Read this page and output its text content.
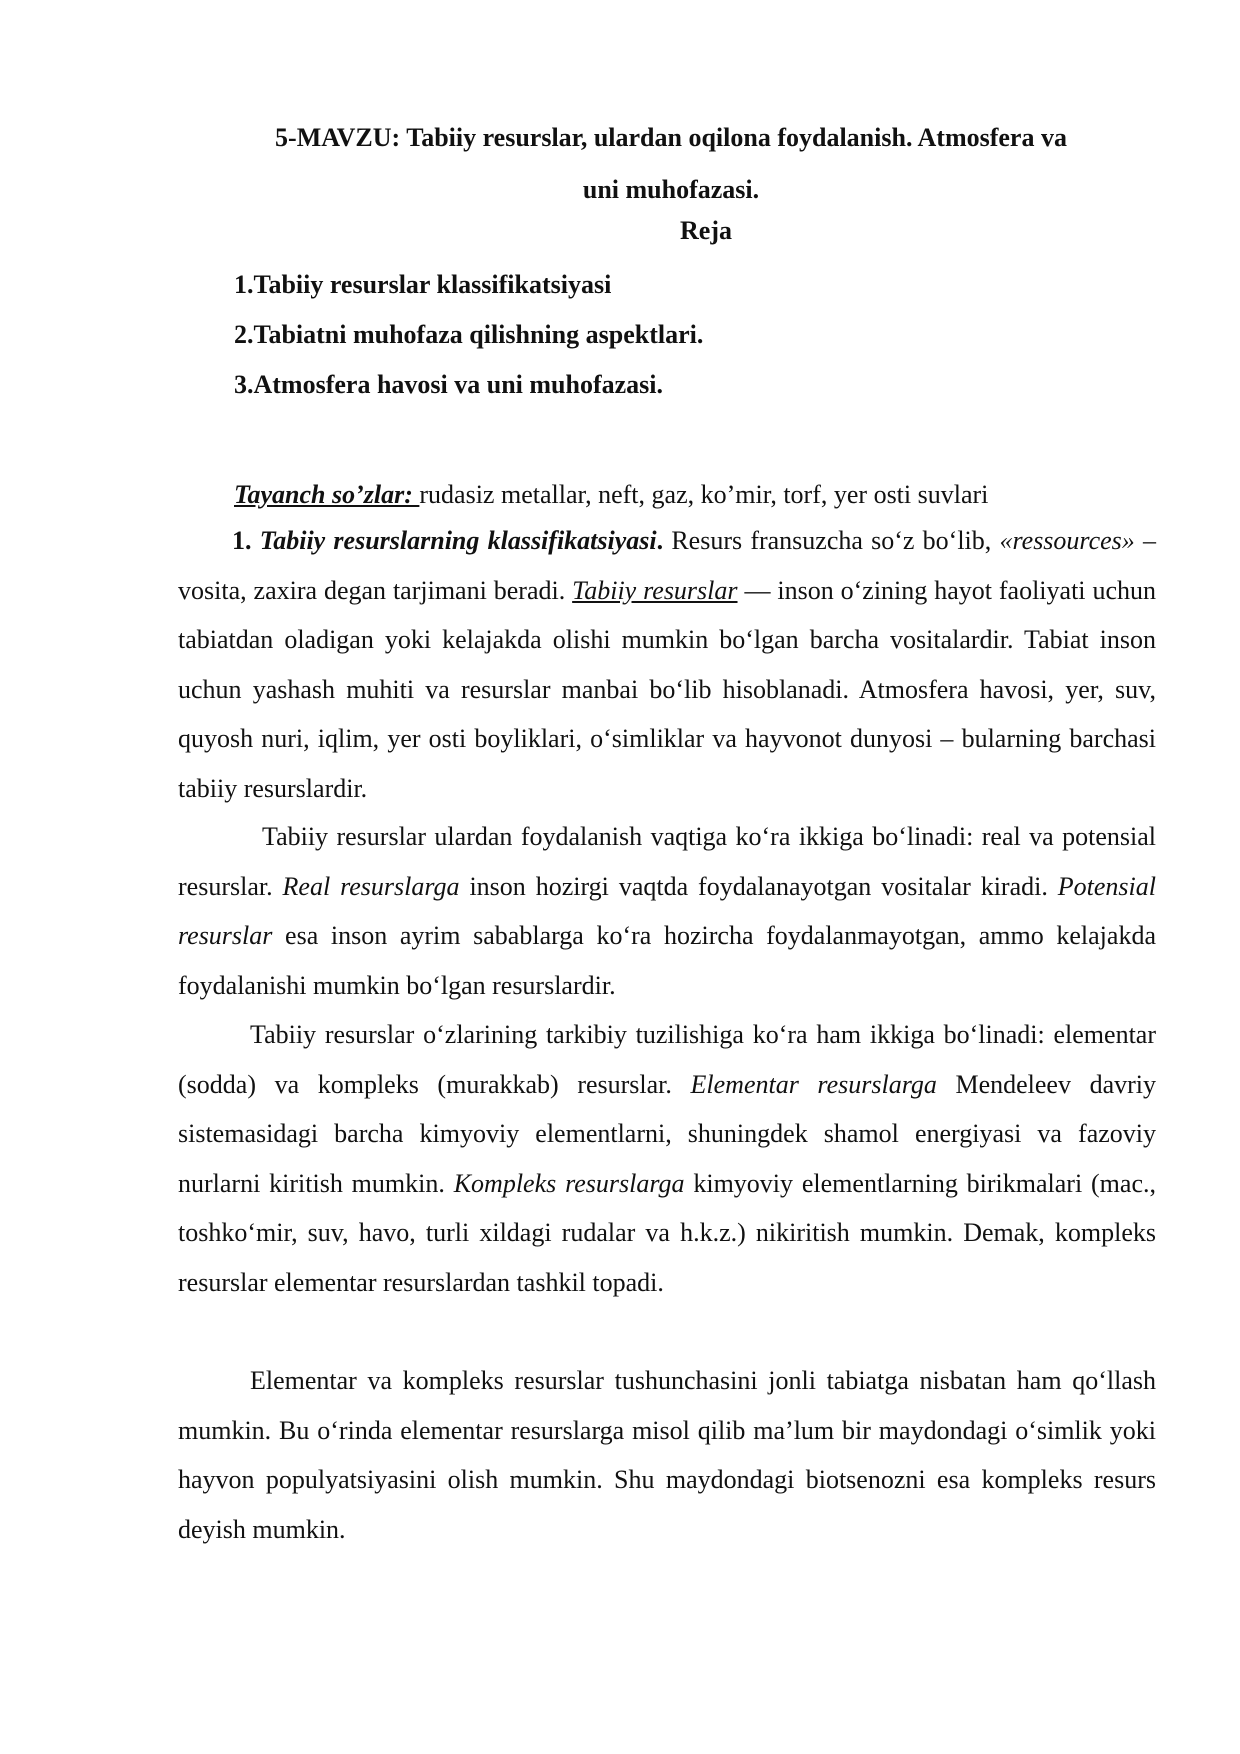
5-MAVZU: Tabiiy resurslar, ulardan oqilona foydalanish. Atmosfera va
uni muhofazasi.
Reja
1.Tabiiy resurslar klassifikatsiyasi
2.Tabiatni muhofaza qilishning aspektlari.
3.Atmosfera havosi va uni muhofazasi.

Tayanch so’zlar: rudasiz metallar, neft, gaz, ko’mir, torf, yer osti suvlari

1. Tabiiy resurslarning klassifikatsiyasi. Resurs fransuzcha so‘z bo‘lib, «ressources» – vosita, zaxira degan tarjimani beradi. Tabiiy resurslar — inson o‘zining hayot faoliyati uchun tabiatdan oladigan yoki kelajakda olishi mumkin bo‘lgan barcha vositalardir. Tabiat inson uchun yashash muhiti va resurslar manbai bo‘lib hisoblanadi. Atmosfera havosi, yer, suv, quyosh nuri, iqlim, yer osti boyliklari, o‘simliklar va hayvonot dunyosi – bularning barchasi tabiiy resurslardir.

Tabiiy resurslar ulardan foydalanish vaqtiga ko‘ra ikkiga bo‘linadi: real va potensial resurslar. Real resurslarga inson hozirgi vaqtda foydalanayotgan vositalar kiradi. Potensial resurslar esa inson ayrim sabablarga ko‘ra hozircha foydalanmayotgan, ammo kelajakda foydalanishi mumkin bo‘lgan resurslardir.

Tabiiy resurslar o‘zlarining tarkibiy tuzilishiga ko‘ra ham ikkiga bo‘linadi: elementar (sodda) va kompleks (murakkab) resurslar. Elementar resurslarga Mendeleev davriy sistemasidagi barcha kimyoviy elementlarni, shuningdek shamol energiyasi va fazoviy nurlarni kiritish mumkin. Kompleks resurslarga kimyoviy elementlarning birikmalari (mac., toshko‘mir, suv, havo, turli xildagi rudalar va h.k.z.) nikiritish mumkin. Demak, kompleks resurslar elementar resurslardan tashkil topadi.

Elementar va kompleks resurslar tushunchasini jonli tabiatga nisbatan ham qo‘llash mumkin. Bu o‘rinda elementar resurslarga misol qilib ma’lum bir maydondagi o‘simlik yoki hayvon populyatsiyasini olish mumkin. Shu maydondagi biotsenozni esa kompleks resurs deyish mumkin.
